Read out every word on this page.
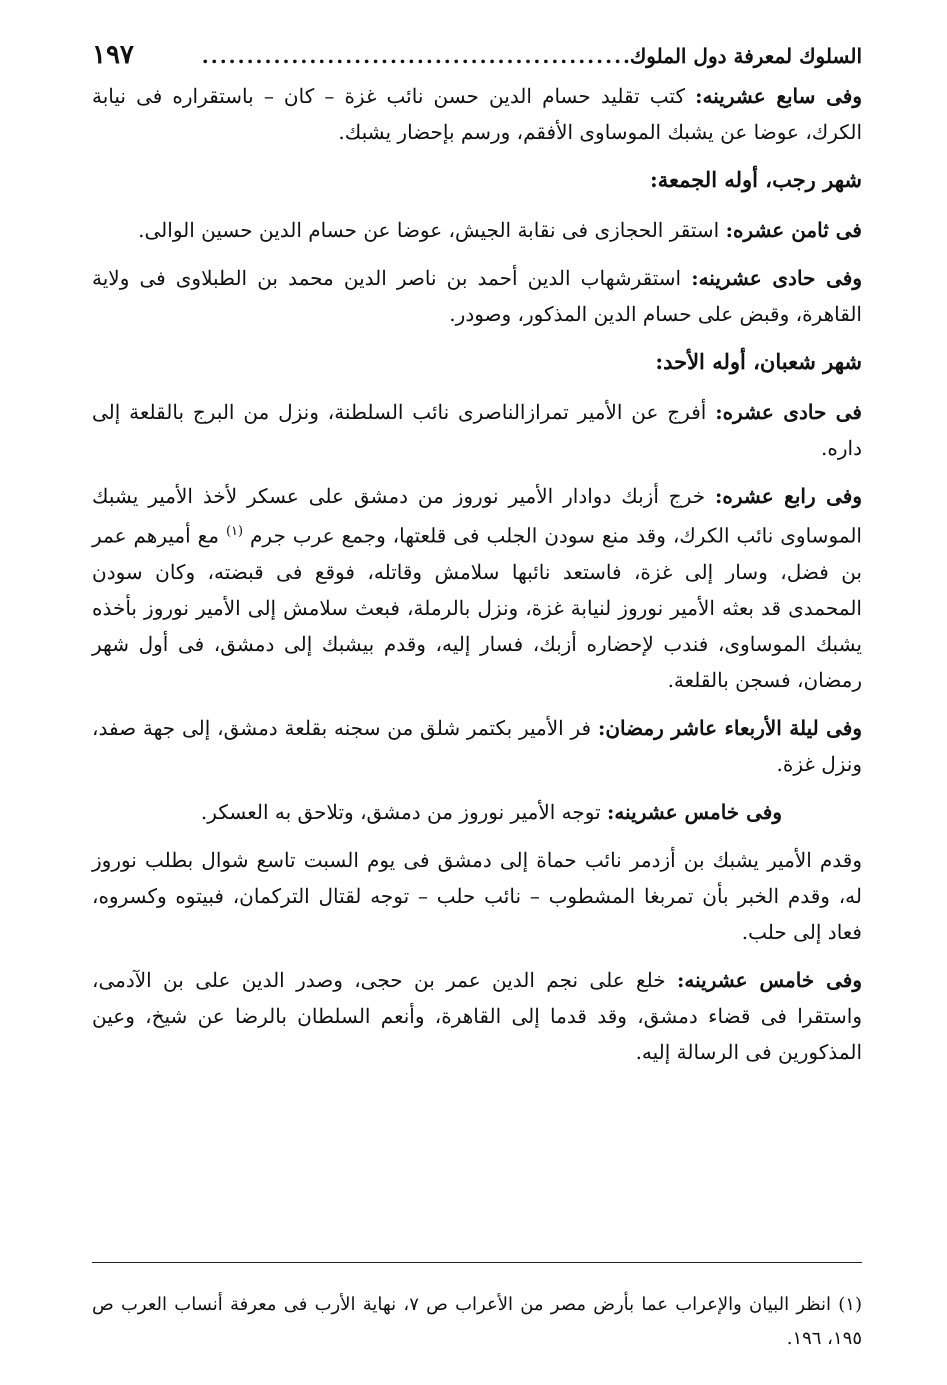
السلوك لمعرفة دول الملوك
................................................
١٩٧

وفى سابع عشرينه: كتب تقليد حسام الدين حسن نائب غزة – كان – باستقراره فى نيابة الكرك، عوضا عن يشبك الموساوى الأفقم، ورسم بإحضار يشبك.

شهر رجب، أوله الجمعة:

فى ثامن عشره: استقر الحجازى فى نقابة الجيش، عوضا عن حسام الدين حسين الوالى.

وفى حادى عشرينه: استقرشهاب الدين أحمد بن ناصر الدين محمد بن الطبلاوى فى ولاية القاهرة، وقبض على حسام الدين المذكور، وصودر.

شهر شعبان، أوله الأحد:

فى حادى عشره: أفرج عن الأمير تمرازالناصرى نائب السلطنة، ونزل من البرج بالقلعة إلى داره.

وفى رابع عشره: خرج أزبك دوادار الأمير نوروز من دمشق على عسكر لأخذ الأمير يشبك الموساوى نائب الكرك، وقد منع سودن الجلب فى قلعتها، وجمع عرب جرم $^{(١)}$ مع أميرهم عمر بن فضل، وسار إلى غزة، فاستعد نائبها سلامش وقاتله، فوقع فى قبضته، وكان سودن المحمدى قد بعثه الأمير نوروز لنيابة غزة، ونزل بالرملة، فبعث سلامش إلى الأمير نوروز بأخذه يشبك الموساوى، فندب لإحضاره أزبك، فسار إليه، وقدم بيشبك إلى دمشق، فى أول شهر رمضان، فسجن بالقلعة.

وفى ليلة الأربعاء عاشر رمضان: فر الأمير بكتمر شلق من سجنه بقلعة دمشق، إلى جهة صفد، ونزل غزة.

وفى خامس عشرينه: توجه الأمير نوروز من دمشق، وتلاحق به العسكر.

وقدم الأمير يشبك بن أزدمر نائب حماة إلى دمشق فى يوم السبت تاسع شوال بطلب نوروز له، وقدم الخبر بأن تمربغا المشطوب – نائب حلب – توجه لقتال التركمان، فبيتوه وكسروه، فعاد إلى حلب.

وفى خامس عشرينه: خلع على نجم الدين عمر بن حجى، وصدر الدين على بن الآدمى، واستقرا فى قضاء دمشق، وقد قدما إلى القاهرة، وأنعم السلطان بالرضا عن شيخ، وعين المذكورين فى الرسالة إليه.

(١) انظر البيان والإعراب عما بأرض مصر من الأعراب ص ٧، نهاية الأرب فى معرفة أنساب العرب ص ١٩٥، ١٩٦.
